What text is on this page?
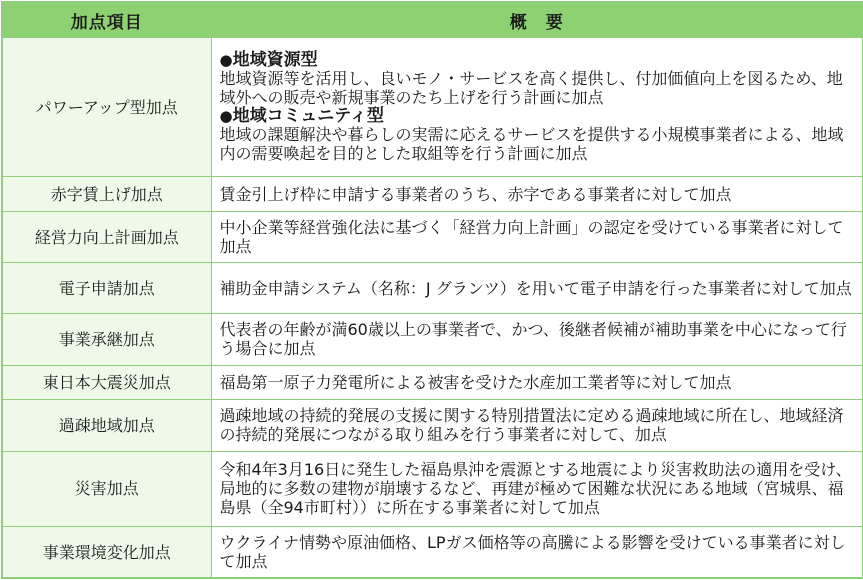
加点項目	概　要
パワーアップ型加点	●地域資源型
地域資源等を活用し、良いモノ・サービスを高く提供し、付加価値向上を図るため、地域外への販売や新規事業のたち上げを行う計画に加点
●地域コミュニティ型
地域の課題解決や暮らしの実需に応えるサービスを提供する小規模事業者による、地域内の需要喚起を目的とした取組等を行う計画に加点

赤字賃上げ加点	賃金引上げ枠に申請する事業者のうち、赤字である事業者に対して加点
経営力向上計画加点	中小企業等経営強化法に基づく「経営力向上計画」の認定を受けている事業者に対して加点
電子申請加点	補助金申請システム（名称：J グランツ）を用いて電子申請を行った事業者に対して加点
事業承継加点	代表者の年齢が満60歳以上の事業者で、かつ、後継者候補が補助事業を中心になって行う場合に加点
東日本大震災加点	福島第一原子力発電所による被害を受けた水産加工業者等に対して加点
過疎地域加点	過疎地域の持続的発展の支援に関する特別措置法に定める過疎地域に所在し、地域経済の持続的発展につながる取り組みを行う事業者に対して、加点
災害加点	令和4年3月16日に発生した福島県沖を震源とする地震により災害救助法の適用を受け、局地的に多数の建物が崩壊するなど、再建が極めて困難な状況にある地域（宮城県、福島県（全94市町村））に所在する事業者に対して加点
事業環境変化加点	ウクライナ情勢や原油価格、LPガス価格等の高騰による影響を受けている事業者に対して加点
